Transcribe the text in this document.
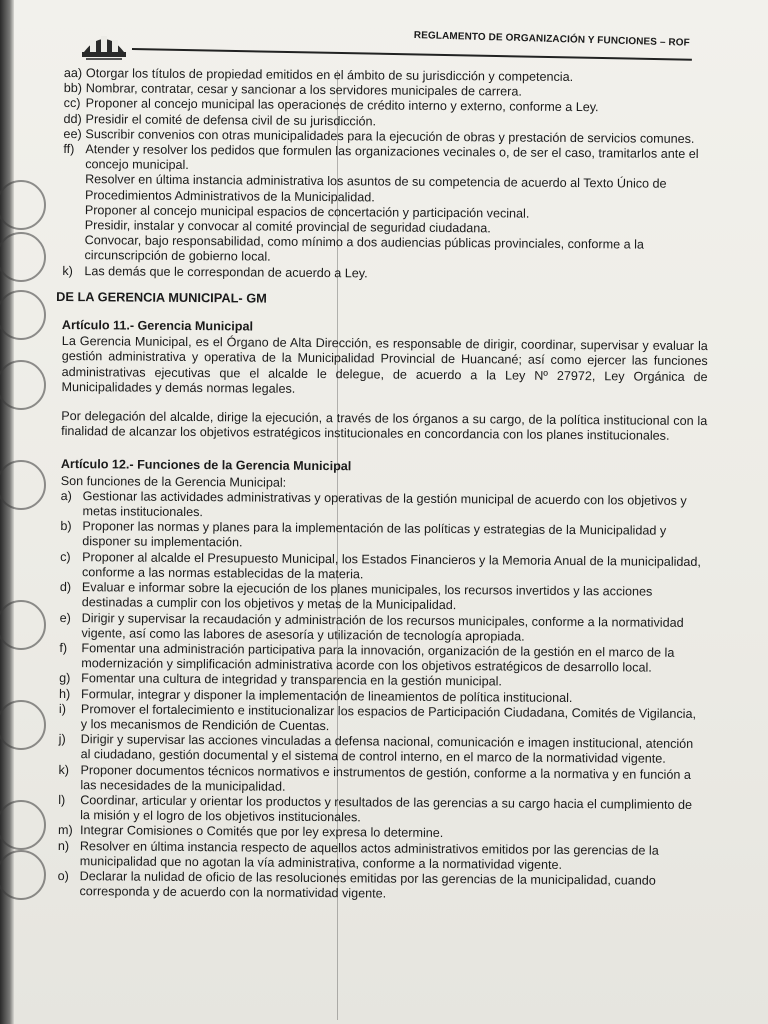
REGLAMENTO DE ORGANIZACIÓN Y FUNCIONES – ROF
aa) Otorgar los títulos de propiedad emitidos en el ámbito de su jurisdicción y competencia.
bb) Nombrar, contratar, cesar y sancionar a los servidores municipales de carrera.
cc) Proponer al concejo municipal las operaciones de crédito interno y externo, conforme a Ley.
dd) Presidir el comité de defensa civil de su jurisdicción.
ee) Suscribir convenios con otras municipalidades para la ejecución de obras y prestación de servicios comunes.
ff) Atender y resolver los pedidos que formulen las organizaciones vecinales o, de ser el caso, tramitarlos ante el concejo municipal.
Resolver en última instancia administrativa los asuntos de su competencia de acuerdo al Texto Único de Procedimientos Administrativos de la Municipalidad.
Proponer al concejo municipal espacios de concertación y participación vecinal.
Presidir, instalar y convocar al comité provincial de seguridad ciudadana.
Convocar, bajo responsabilidad, como mínimo a dos audiencias públicas provinciales, conforme a la circunscripción de gobierno local.
k) Las demás que le correspondan de acuerdo a Ley.
DE LA GERENCIA MUNICIPAL- GM
Artículo 11.- Gerencia Municipal
La Gerencia Municipal, es el Órgano de Alta Dirección, es responsable de dirigir, coordinar, supervisar y evaluar la gestión administrativa y operativa de la Municipalidad Provincial de Huancané; así como ejercer las funciones administrativas ejecutivas que el alcalde le delegue, de acuerdo a la Ley Nº 27972, Ley Orgánica de Municipalidades y demás normas legales.
Por delegación del alcalde, dirige la ejecución, a través de los órganos a su cargo, de la política institucional con la finalidad de alcanzar los objetivos estratégicos institucionales en concordancia con los planes institucionales.
Artículo 12.- Funciones de la Gerencia Municipal
Son funciones de la Gerencia Municipal:
a) Gestionar las actividades administrativas y operativas de la gestión municipal de acuerdo con los objetivos y metas institucionales.
b) Proponer las normas y planes para la implementación de las políticas y estrategias de la Municipalidad y disponer su implementación.
c) Proponer al alcalde el Presupuesto Municipal, los Estados Financieros y la Memoria Anual de la municipalidad, conforme a las normas establecidas de la materia.
d) Evaluar e informar sobre la ejecución de los planes municipales, los recursos invertidos y las acciones destinadas a cumplir con los objetivos y metas de la Municipalidad.
e) Dirigir y supervisar la recaudación y administración de los recursos municipales, conforme a la normatividad vigente, así como las labores de asesoría y utilización de tecnología apropiada.
f)	Fomentar una administración participativa para la innovación, organización de la gestión en el marco de la modernización y simplificación administrativa acorde con los objetivos estratégicos de desarrollo local.
g) Fomentar una cultura de integridad y transparencia en la gestión municipal.
h) Formular, integrar y disponer la implementación de lineamientos de política institucional.
i)	Promover el fortalecimiento e institucionalizar los espacios de Participación Ciudadana, Comités de Vigilancia, y los mecanismos de Rendición de Cuentas.
j)	Dirigir y supervisar las acciones vinculadas a defensa nacional, comunicación e imagen institucional, atención al ciudadano, gestión documental y el sistema de control interno, en el marco de la normatividad vigente.
k) Proponer documentos técnicos normativos e instrumentos de gestión, conforme a la normativa y en función a las necesidades de la municipalidad.
l)	Coordinar, articular y orientar los productos y resultados de las gerencias a su cargo hacia el cumplimiento de la misión y el logro de los objetivos institucionales.
m) Integrar Comisiones o Comités que por ley expresa lo determine.
n) Resolver en última instancia respecto de aquellos actos administrativos emitidos por las gerencias de la municipalidad que no agotan la vía administrativa, conforme a la normatividad vigente.
o) Declarar la nulidad de oficio de las resoluciones emitidas por las gerencias de la municipalidad, cuando corresponda y de acuerdo con la normatividad vigente.
